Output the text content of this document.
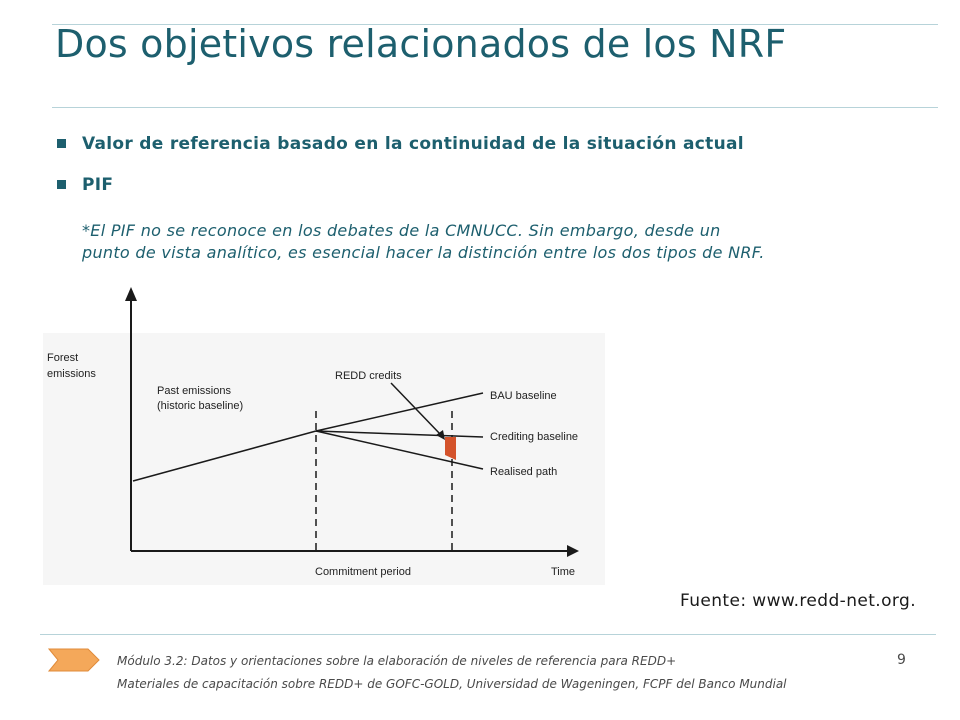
Dos objetivos relacionados de los NRF
Valor de referencia basado en la continuidad de la situación actual
PIF
*El PIF no se reconoce en los debates de la CMNUCC. Sin embargo, desde un
punto de vista analítico, es esencial hacer la distinción entre los dos tipos de NRF.
Forest
emissions
Past emissions
(historic baseline)
REDD credits
BAU baseline
Crediting baseline
Realised path
Commitment period	Time
Fuente: www.redd-net.org.
Módulo 3.2: Datos y orientaciones sobre la elaboración de niveles de referencia para REDD+
Materiales de capacitación sobre REDD+ de GOFC-GOLD, Universidad de Wageningen, FCPF del Banco Mundial
9
